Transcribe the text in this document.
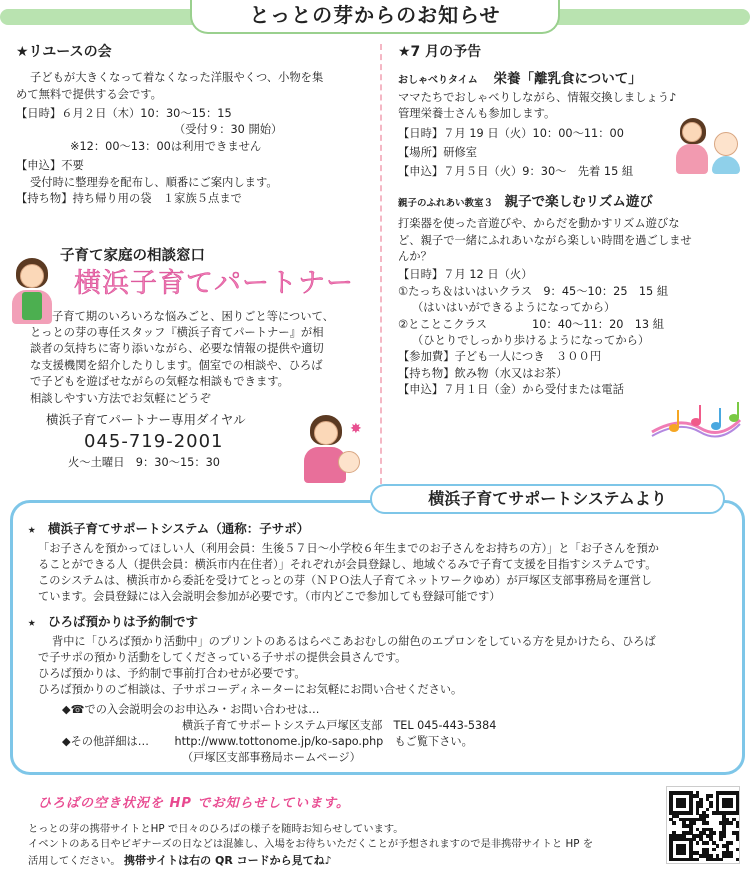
とっとの芽からのお知らせ
★リユースの会
子どもが大きくなって着なくなった洋服やくつ、小物を集
めて無料で提供する会です。
【日時】６月２日（木）10：30～15：15
（受付９：30 開始）
※12：00～13：00は利用できません
【申込】不要
受付時に整理券を配布し、順番にご案内します。
【持ち物】持ち帰り用の袋　１家族５点まで
子育て家庭の相談窓口
横浜子育てパートナー
子育て期のいろいろな悩みごと、困りごと等について、
とっとの芽の専任スタッフ『横浜子育てパートナー』が相
談者の気持ちに寄り添いながら、必要な情報の提供や適切
な支援機関を紹介したりします。個室での相談や、ひろば
で子どもを遊ばせながらの気軽な相談もできます。
相談しやすい方法でお気軽にどうぞ
横浜子育てパートナー専用ダイヤル
045-719-2001
火～土曜日　9：30～15：30
✸
★7 月の予告
おしゃべりタイム 栄養「離乳食について」
ママたちでおしゃべりしながら、情報交換しましょう♪
管理栄養士さんも参加します。
【日時】７月 19 日（火）10：00～11：00
【場所】研修室
【申込】７月５日（火）9：30～　先着 15 組
親子のふれあい教室３ 親子で楽しむリズム遊び
打楽器を使った音遊びや、からだを動かすリズム遊びな
ど、親子で一緒にふれあいながら楽しい時間を過ごしませ
んか？
【日時】７月 12 日（火）
①たっち＆はいはいクラス　9：45～10：25　15 組
（はいはいができるようになってから）
②とことこクラス　　　　10：40～11：20　13 組
（ひとりでしっかり歩けるようになってから）
【参加費】子ども一人につき　３００円
【持ち物】飲み物（水又はお茶）
【申込】７月１日（金）から受付または電話
横浜子育てサポートシステムより
★　横浜子育てサポートシステム（通称：子サポ）
「お子さんを預かってほしい人（利用会員：生後５７日～小学校６年生までのお子さんをお持ちの方）」と「お子さんを預か
ることができる人（提供会員：横浜市内在住者）」それぞれが会員登録し、地域ぐるみで子育て支援を目指すシステムです。
このシステムは、横浜市から委託を受けてとっとの芽（ＮＰＯ法人子育てネットワークゆめ）が戸塚区支部事務局を運営し
ています。会員登録には入会説明会参加が必要です。（市内どこで参加しても登録可能です）
★　ひろば預かりは予約制です
背中に「ひろば預かり活動中」のプリントのあるはらぺこあおむしの紺色のエプロンをしている方を見かけたら、ひろば
で子サポの預かり活動をしてくださっている子サポの提供会員さんです。
ひろば預かりは、予約制で事前打合わせが必要です。
ひろば預かりのご相談は、子サポコーディネーターにお気軽にお問い合せください。
◆☎での入会説明会のお申込み・お問い合わせは…
横浜子育てサポートシステム戸塚区支部　TEL 045-443-5384
◆その他詳細は… http://www.tottonome.jp/ko-sapo.php　もご覧下さい。
（戸塚区支部事務局ホームページ）
ひろばの空き状況を HP でお知らせしています。
とっとの芽の携帯サイトとHP で日々のひろばの様子を随時お知らせしています。
イベントのある日やビギナーズの日などは混雑し、入場をお待ちいただくことが予想されますので是非携帯サイトと HP を
活用してください。 携帯サイトは右の QR コードから見てね♪
